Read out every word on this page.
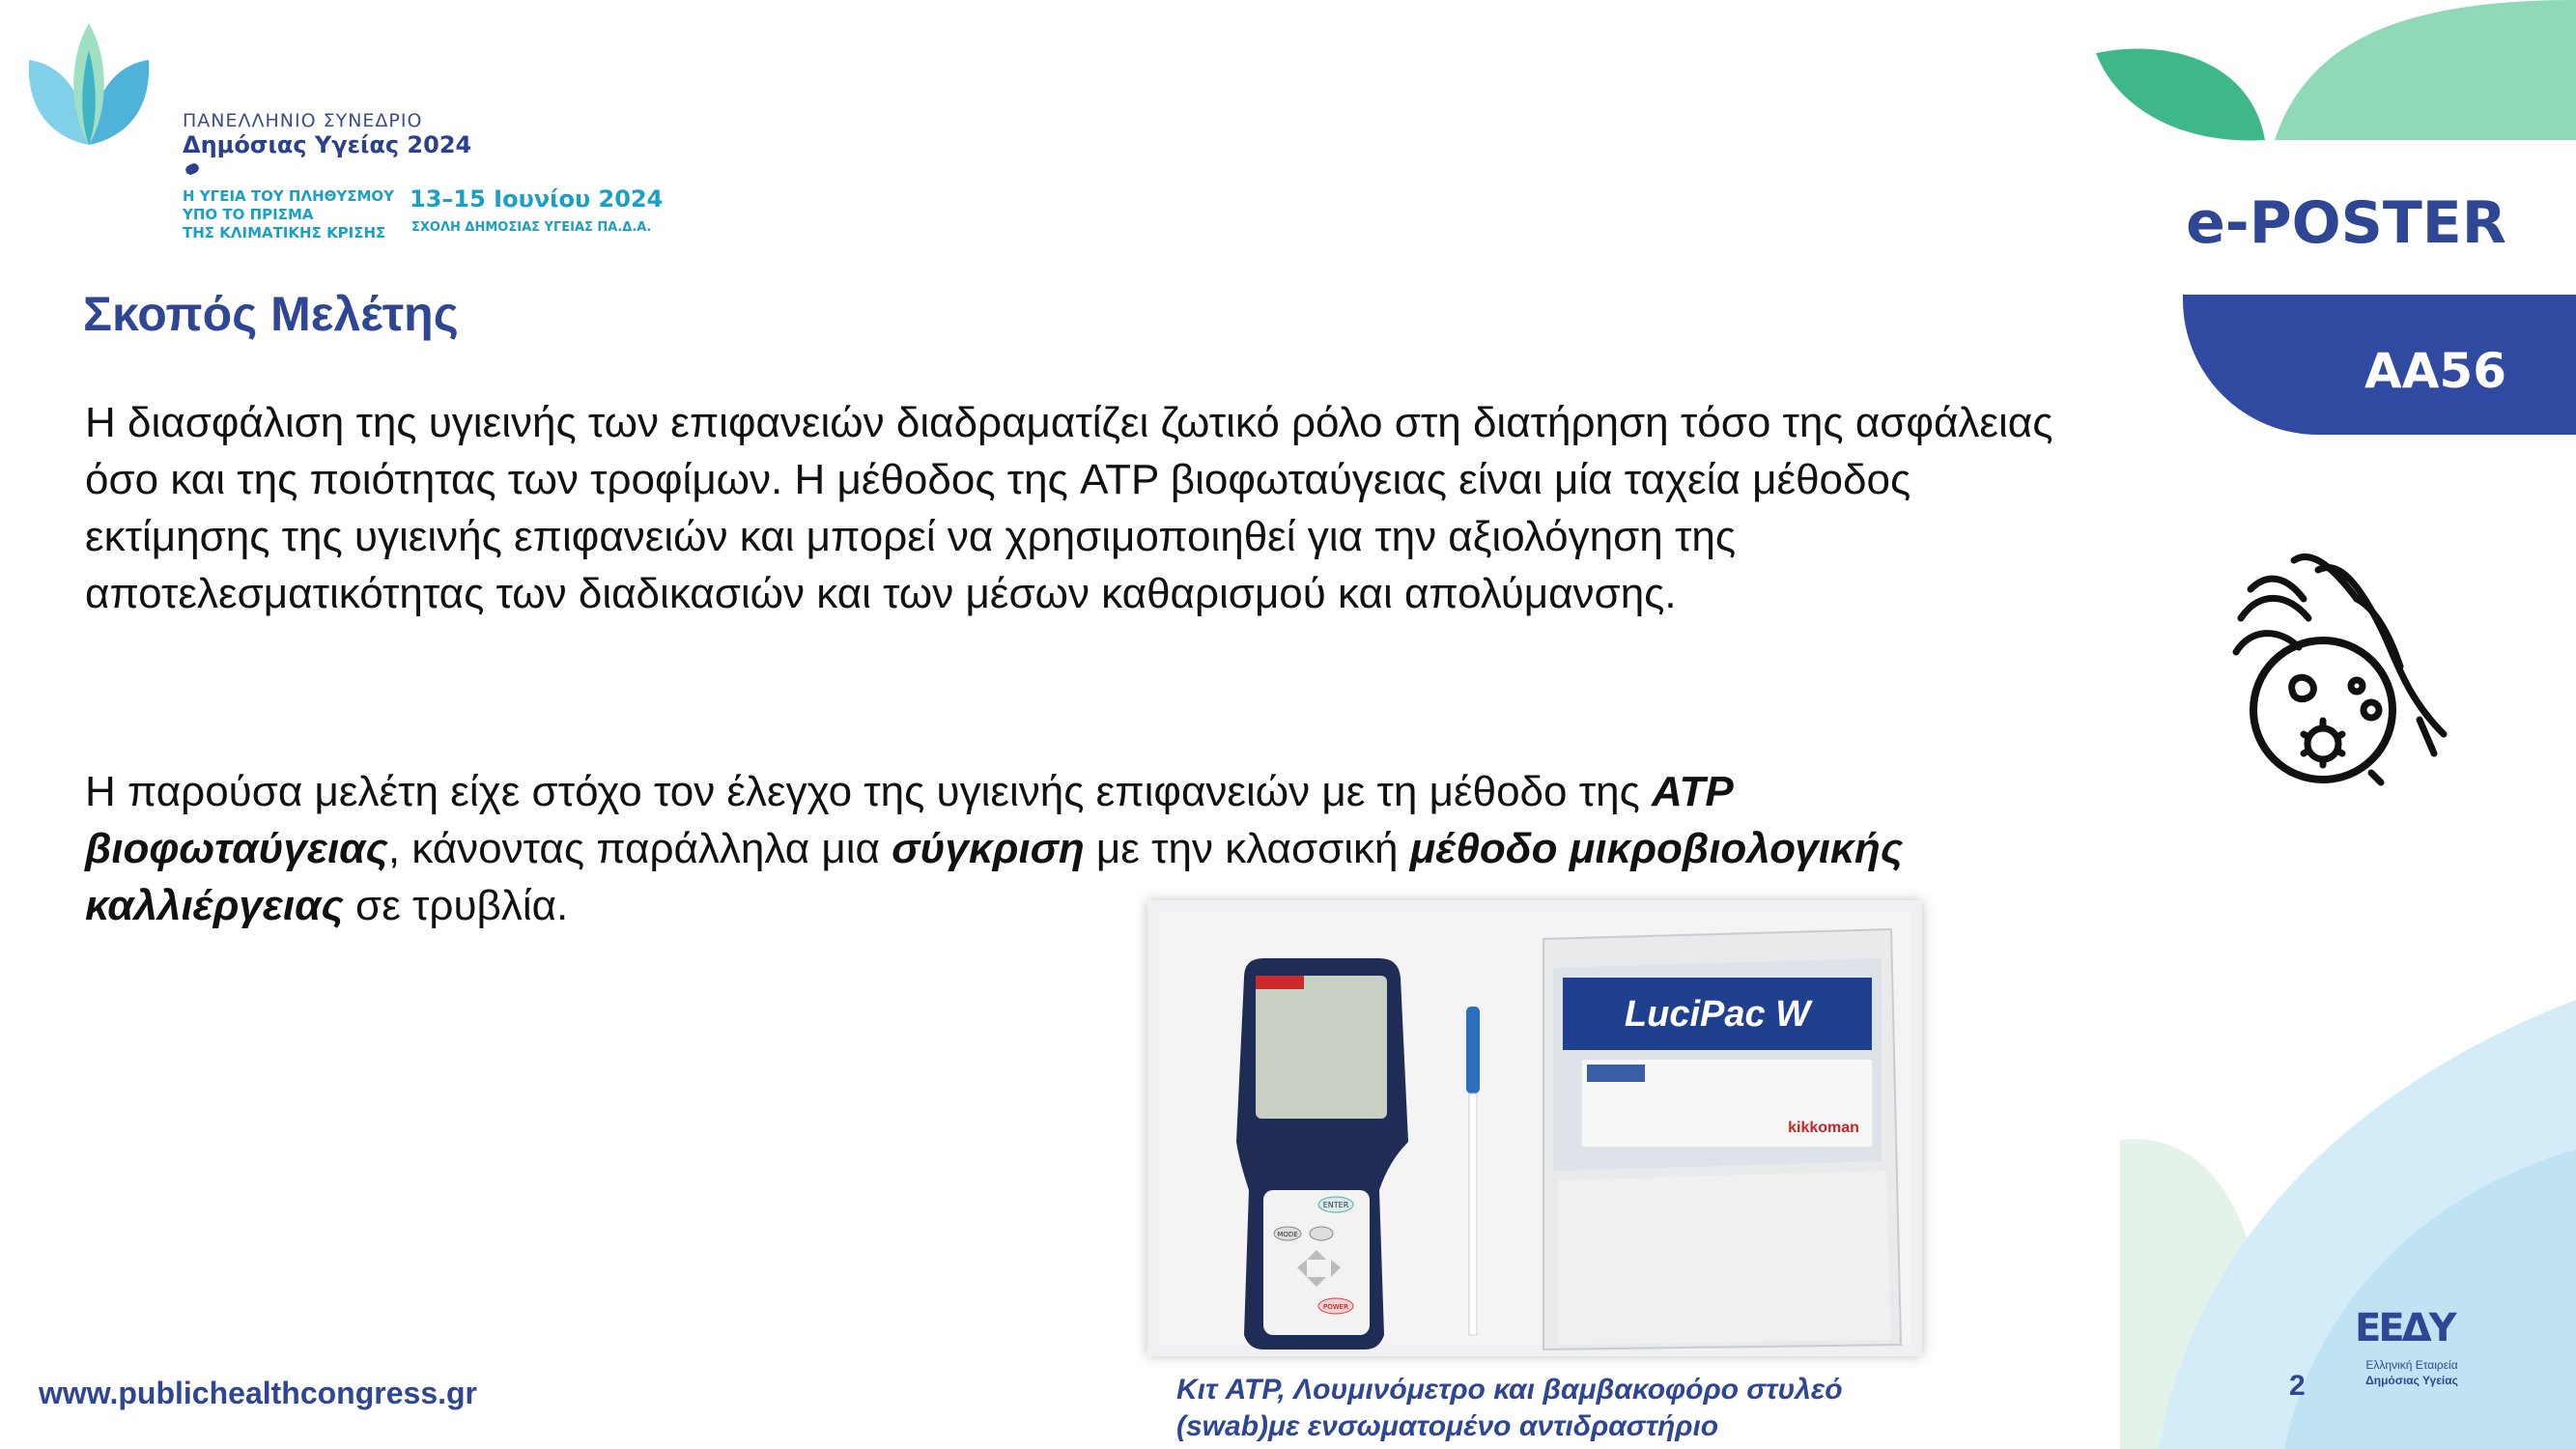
ΠΑΝΕΛΛΗΝΙΟ ΣΥΝΕΔΡΙΟ
Δημόσιας Υγείας 2024
Η ΥΓΕΙΑ ΤΟΥ ΠΛΗΘΥΣΜΟΥ
ΥΠΟ ΤΟ ΠΡΙΣΜΑ
ΤΗΣ ΚΛΙΜΑΤΙΚΗΣ ΚΡΙΣΗΣ
13–15 Ιουνίου 2024
ΣΧΟΛΗ ΔΗΜΟΣΙΑΣ ΥΓΕΙΑΣ ΠΑ.Δ.Α.	e-POSTER
ΑΑ56
Σκοπός Μελέτης

Η διασφάλιση της υγιεινής των επιφανειών διαδραματίζει ζωτικό ρόλο στη διατήρηση τόσο της ασφάλειας όσο και της ποιότητας των τροφίμων. Η μέθοδος της ATP βιοφωταύγειας είναι μία ταχεία μέθοδος εκτίμησης της υγιεινής επιφανειών και μπορεί να χρησιμοποιηθεί για την αξιολόγηση της αποτελεσματικότητας των διαδικασιών και των μέσων καθαρισμού και απολύμανσης.

Η παρούσα μελέτη είχε στόχο τον έλεγχο της υγιεινής επιφανειών με τη μέθοδο της ATP βιοφωταύγειας, κάνοντας παράλληλα μια σύγκριση με την κλασσική μέθοδο μικροβιολογικής καλλιέργειας σε τρυβλία.

ENTER
MODE
POWER
LuciPac W
kikkoman
Κιτ ATP, Λουμινόμετρο και βαμβακοφόρο στυλεό
(swab)με ενσωματομένο αντιδραστήριο
www.publichealthcongress.gr	2
ΕΕΔΥ
Ελληνική Εταιρεία
Δημόσιας Υγείας
